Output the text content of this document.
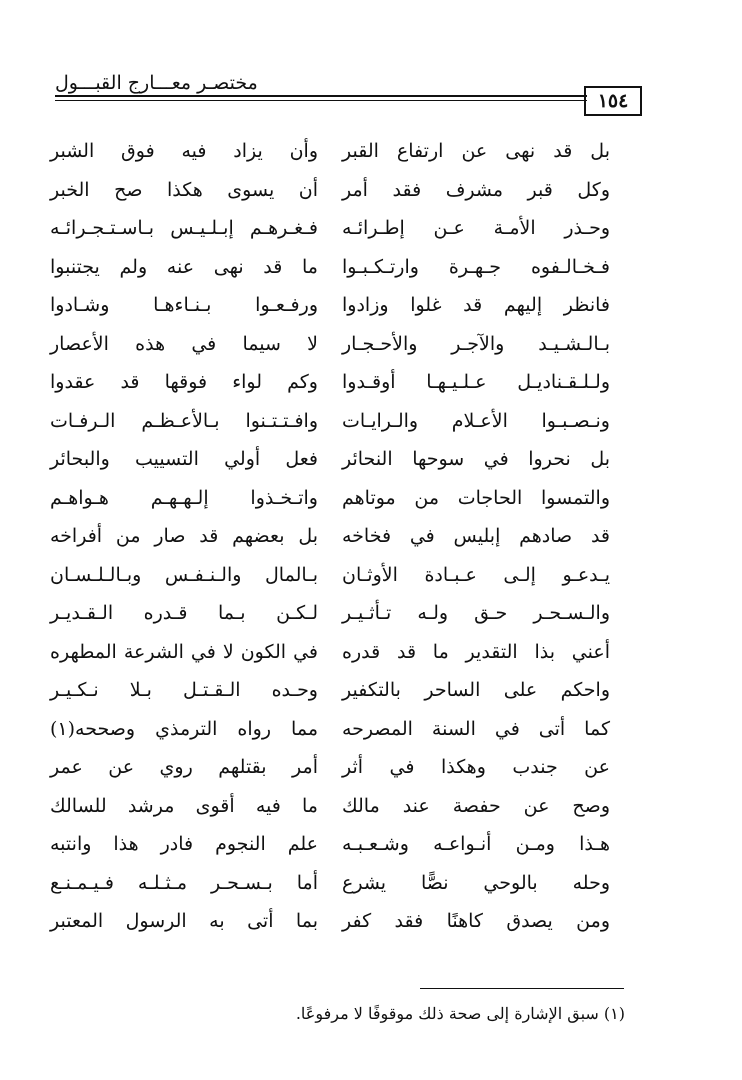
مختصـر معـــارج القبـــول
١٥٤
بل قد نهى عن ارتفاع القبر
وكل قبر مشرف فقد أمر
وحـذر الأمـة عـن إطـرائـه
فـخـالـفوه جـهـرة وارتـكـبـوا
فانظر إليهم قد غلوا وزادوا
بـالـشـيـد والآجـر والأحـجـار
ولـلـقـناديـل عـلـيـهـا أوقـدوا
ونـصـبـوا الأعـلام والـرايـات
بل نحروا في سوحها النحائر
والتمسوا الحاجات من موتاهم
قد صادهم إبليس في فخاخه
يـدعـو إلـى عـبـادة الأوثـان
والـسـحـر حـق ولـه تـأثـيـر
أعني بذا التقدير ما قد قدره
واحكم على الساحر بالتكفير
كما أتى في السنة المصرحه
عن جندب وهكذا في أثر
وصح عن حفصة عند مالك
هـذا ومـن أنـواعـه وشـعـبـه
وحله بالوحي نصًّا يشرع
ومن يصدق كاهنًا فقد كفر
وأن يزاد فيه فوق الشبر
أن يسوى هكذا صح الخبر
فـغـرهـم إبـلـيـس بـاسـتـجـرائـه
ما قد نهى عنه ولم يجتنبوا
ورفـعـوا بـنـاءهـا وشـادوا
لا سيما في هذه الأعصار
وكم لواء فوقها قد عقدوا
وافـتـتـنوا بـالأعـظـم الـرفـات
فعل أولي التسييب والبحائر
واتـخـذوا إلـهـهـم هـواهـم
بل بعضهم قد صار من أفراخه
بـالمال والـنـفـس وبـالـلـسـان
لـكـن بـما قـدره الـقـديـر
في الكون لا في الشرعة المطهره
وحـده الـقـتـل بـلا نـكـيـر
مما رواه الترمذي وصححه(١)
أمر بقتلهم روي عن عمر
ما فيه أقوى مرشد للسالك
علم النجوم فادر هذا وانتبه
أما بـسـحـر مـثـلـه فـيـمـنـع
بما أتى به الرسول المعتبر
(١) سبق الإشارة إلى صحة ذلك موقوفًا لا مرفوعًا.
